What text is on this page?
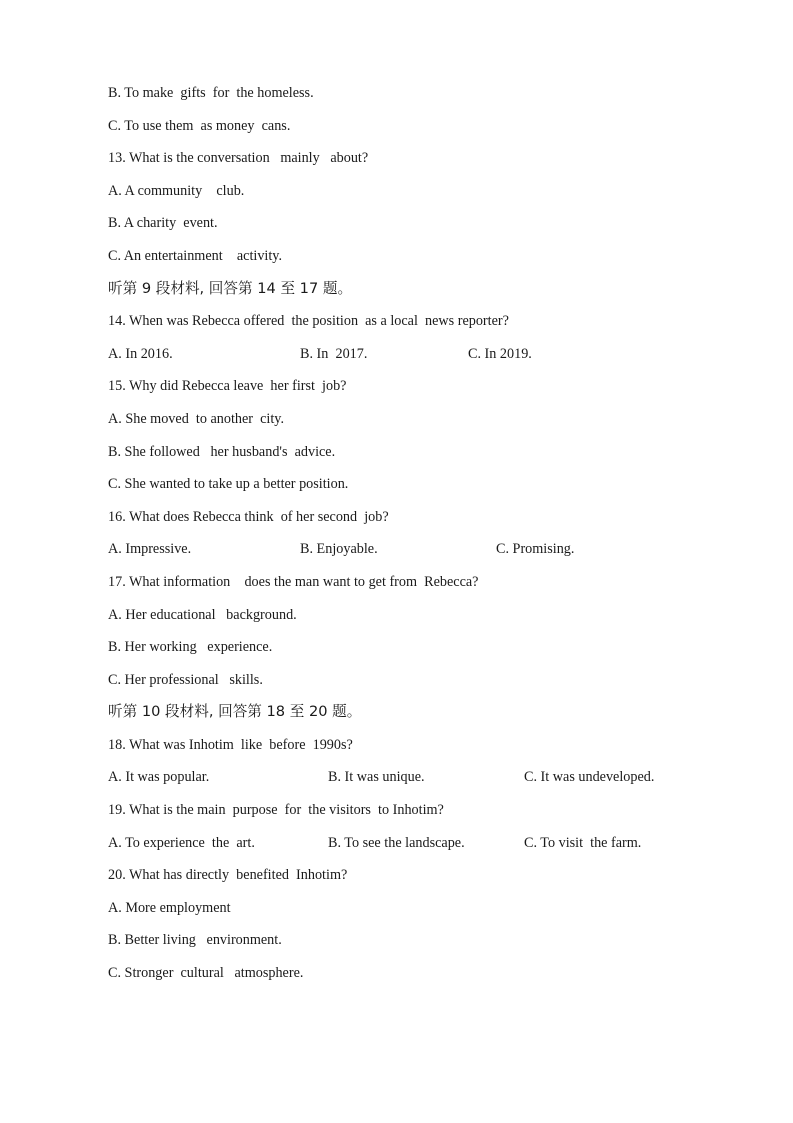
B. To make  gifts  for  the homeless.
C. To use them  as money  cans.
13. What is the conversation   mainly   about?
A. A community    club.
B. A charity  event.
C. An entertainment    activity.
听第 9 段材料, 回答第 14 至 17 题。
14. When was Rebecca offered  the position  as a local  news reporter?
A. In 2016.	B. In  2017.	C. In 2019.
15. Why did Rebecca leave  her first  job?
A. She moved  to another  city.
B. She followed   her husband's  advice.
C. She wanted to take up a better position.
16. What does Rebecca think  of her second  job?
A. Impressive.	B. Enjoyable.	C. Promising.
17. What information    does the man want to get from  Rebecca?
A. Her educational   background.
B. Her working   experience.
C. Her professional   skills.
听第 10 段材料, 回答第 18 至 20 题。
18. What was Inhotim  like  before  1990s?
A. It was popular.	B. It was unique.	C. It was undeveloped.
19. What is the main  purpose  for  the visitors  to Inhotim?
A. To experience  the  art.	B. To see the landscape.	C. To visit  the farm.
20. What has directly  benefited  Inhotim?
A. More employment
B. Better living   environment.
C. Stronger  cultural   atmosphere.
